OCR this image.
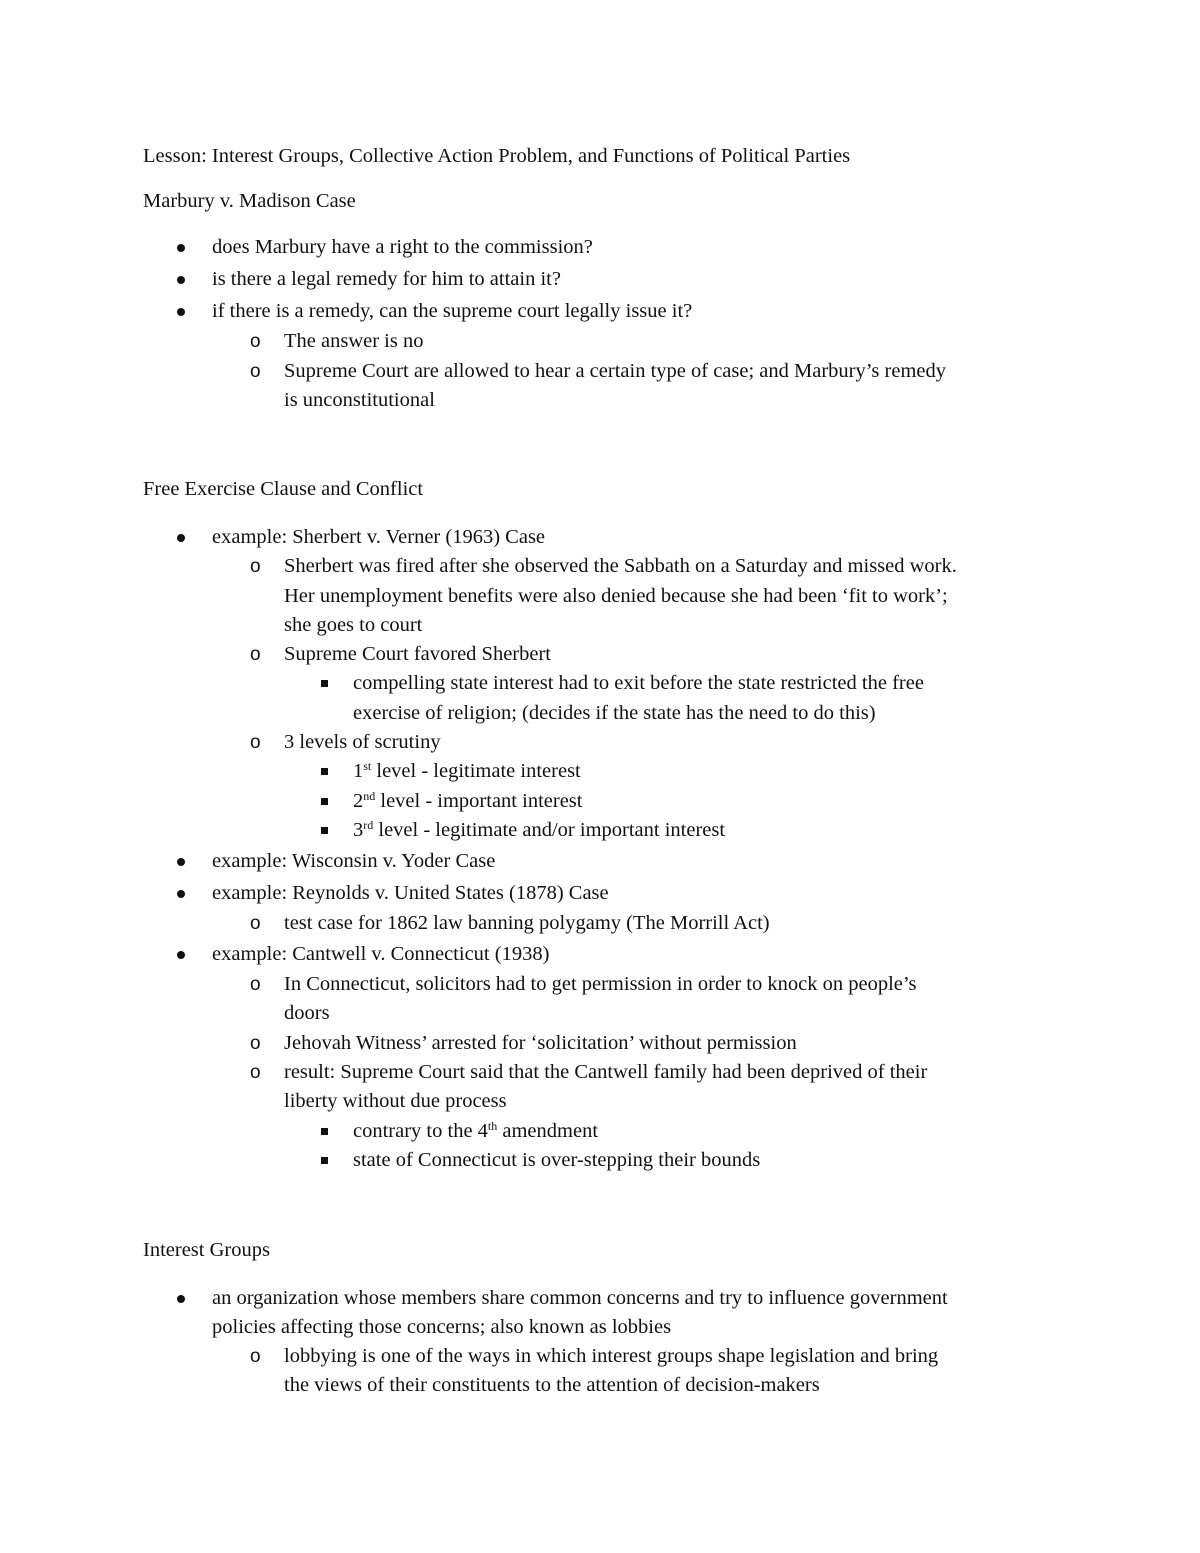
Lesson: Interest Groups, Collective Action Problem, and Functions of Political Parties
Marbury v. Madison Case
does Marbury have a right to the commission?
is there a legal remedy for him to attain it?
if there is a remedy, can the supreme court legally issue it?
o The answer is no
o Supreme Court are allowed to hear a certain type of case; and Marbury’s remedy
is unconstitutional
Free Exercise Clause and Conflict
example: Sherbert v. Verner (1963) Case
o Sherbert was fired after she observed the Sabbath on a Saturday and missed work.
Her unemployment benefits were also denied because she had been ‘fit to work’;
she goes to court
o Supreme Court favored Sherbert
compelling state interest had to exit before the state restricted the free
exercise of religion; (decides if the state has the need to do this)
o 3 levels of scrutiny
1st level - legitimate interest
2nd level - important interest
3rd level - legitimate and/or important interest
example: Wisconsin v. Yoder Case
example: Reynolds v. United States (1878) Case
o test case for 1862 law banning polygamy (The Morrill Act)
example: Cantwell v. Connecticut (1938)
o In Connecticut, solicitors had to get permission in order to knock on people’s
doors
o Jehovah Witness’ arrested for ‘solicitation’ without permission
o result: Supreme Court said that the Cantwell family had been deprived of their
liberty without due process
contrary to the 4th amendment
state of Connecticut is over-stepping their bounds
Interest Groups
an organization whose members share common concerns and try to influence government
policies affecting those concerns; also known as lobbies
o lobbying is one of the ways in which interest groups shape legislation and bring
the views of their constituents to the attention of decision-makers
